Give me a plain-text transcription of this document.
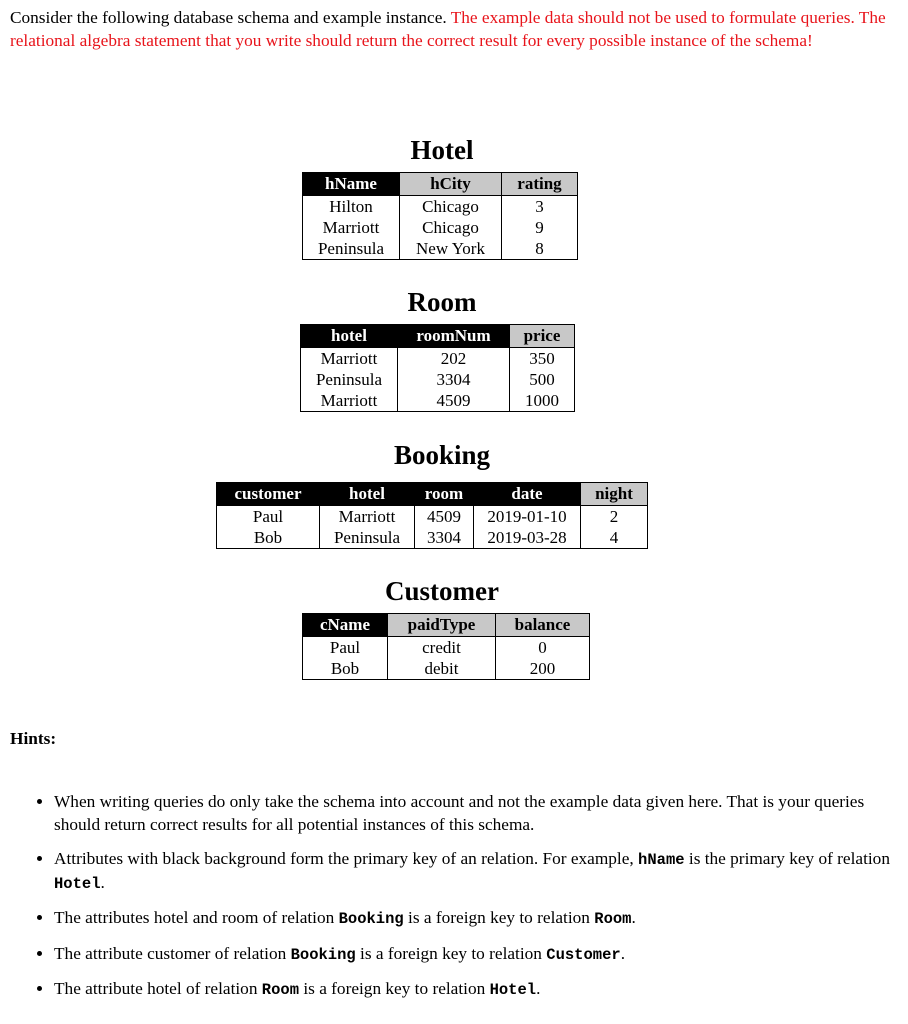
Consider the following database schema and example instance. The example data should not be used to formulate queries. The relational algebra statement that you write should return the correct result for every possible instance of the schema!
Hotel
hName	hCity	rating
Hilton	Chicago	3
Marriott	Chicago	9
Peninsula	New York	8
Room
hotel	roomNum	price
Marriott	202	350
Peninsula	3304	500
Marriott	4509	1000
Booking
customer	hotel	room	date	night
Paul	Marriott	4509	2019-01-10	2
Bob	Peninsula	3304	2019-03-28	4
Customer
cName	paidType	balance
Paul	credit	0
Bob	debit	200
Hints:
• When writing queries do only take the schema into account and not the example data given here. That is your queries should return correct results for all potential instances of this schema.
• Attributes with black background form the primary key of an relation. For example, hName is the primary key of relation Hotel.
• The attributes hotel and room of relation Booking is a foreign key to relation Room.
• The attribute customer of relation Booking is a foreign key to relation Customer.
• The attribute hotel of relation Room is a foreign key to relation Hotel.
